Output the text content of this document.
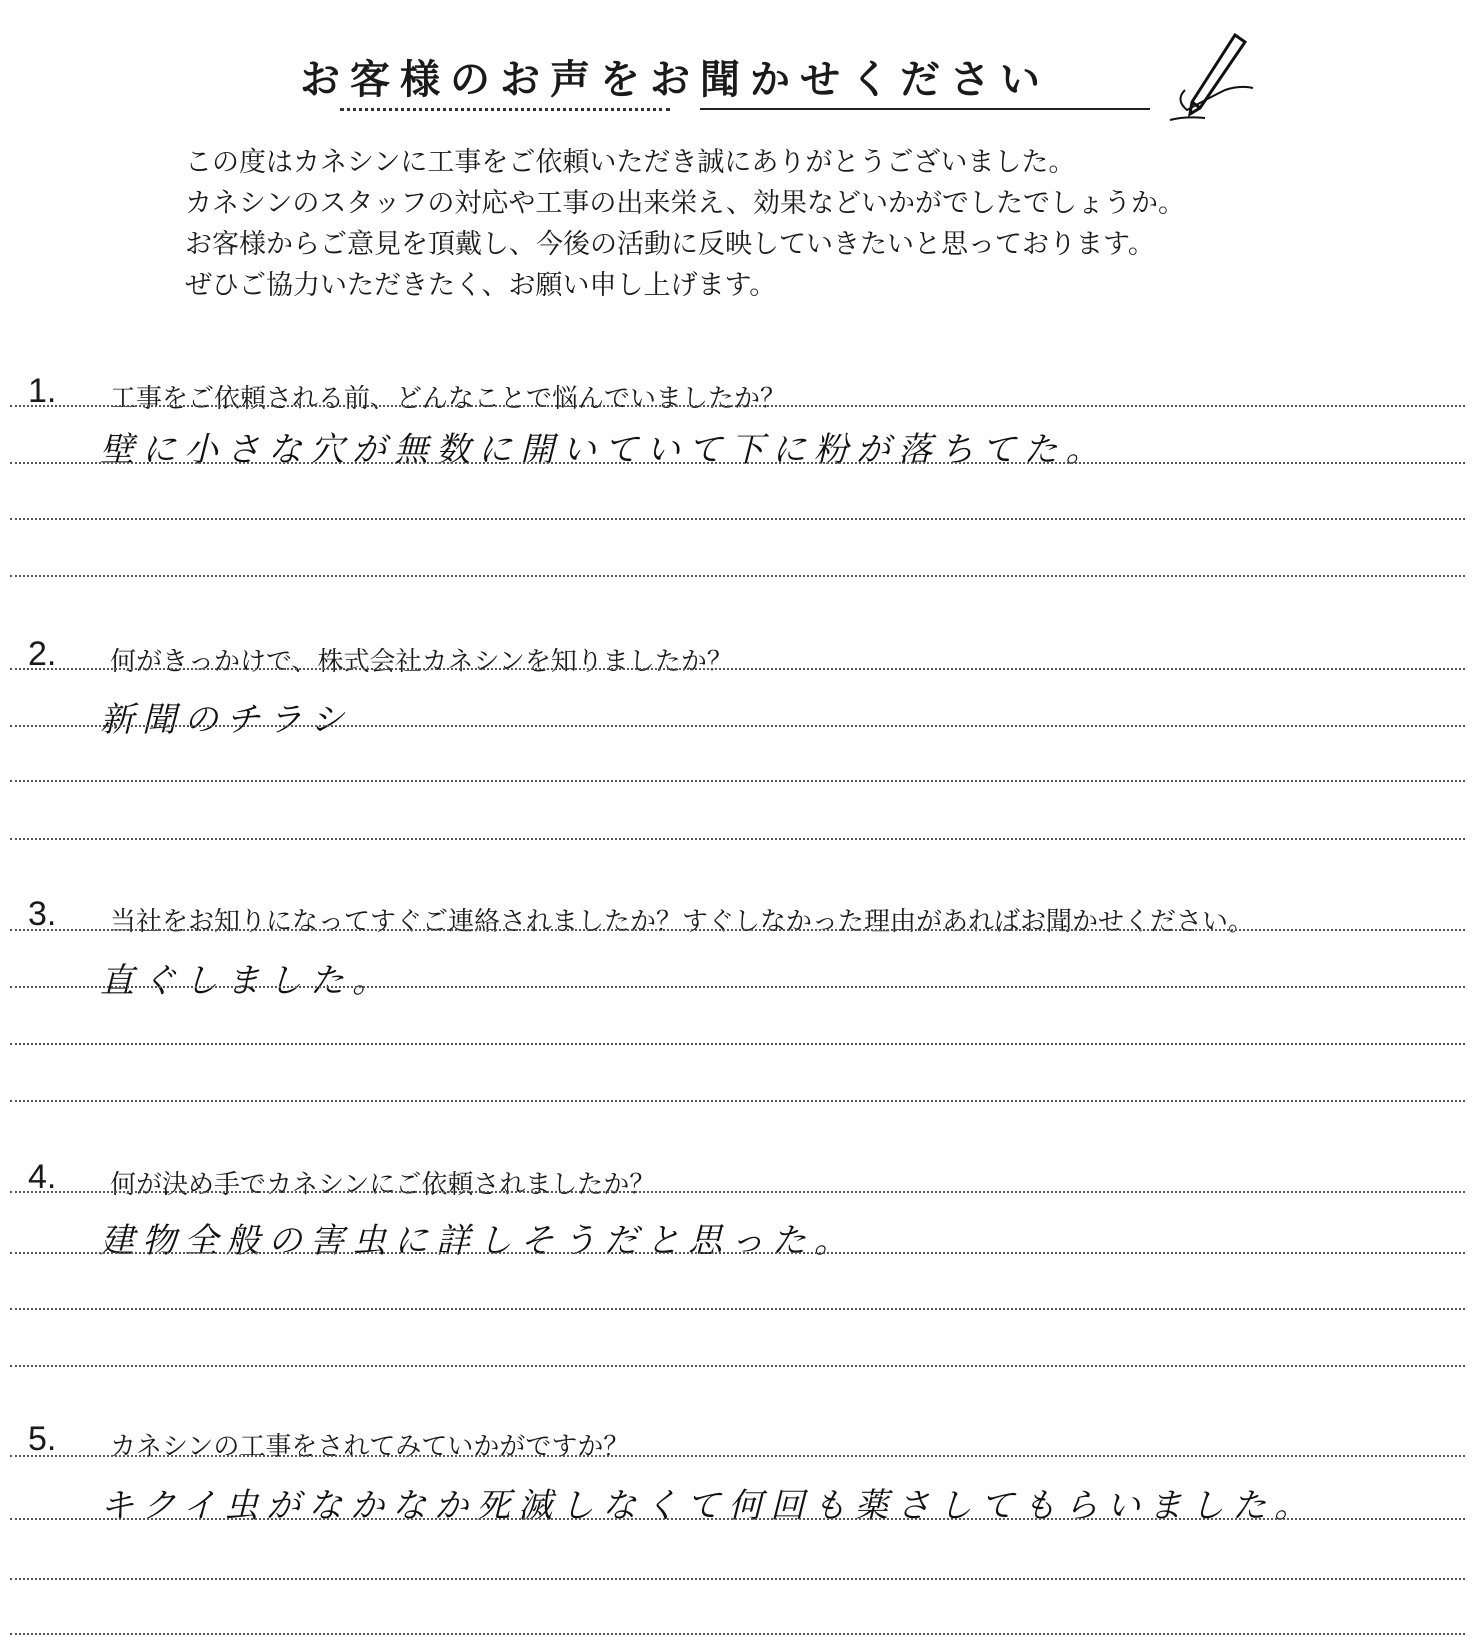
お客様のお声をお聞かせください
この度はカネシンに工事をご依頼いただき誠にありがとうございました。
カネシンのスタッフの対応や工事の出来栄え、効果などいかがでしたでしょうか。
お客様からご意見を頂戴し、今後の活動に反映していきたいと思っております。
ぜひご協力いただきたく、お願い申し上げます。
1. 工事をご依頼される前、どんなことで悩んでいましたか？
壁に小さな穴が無数に開いていて下に粉が落ちてた。
2. 何がきっかけで、株式会社カネシンを知りましたか？
新聞のチラシ
3. 当社をお知りになってすぐご連絡されましたか？すぐしなかった理由があればお聞かせください。
直ぐしました。
4. 何が決め手でカネシンにご依頼されましたか？
建物全般の害虫に詳しそうだと思った。
5. カネシンの工事をされてみていかがですか？
キクイ虫がなかなか死滅しなくて何回も薬さしてもらいました。
